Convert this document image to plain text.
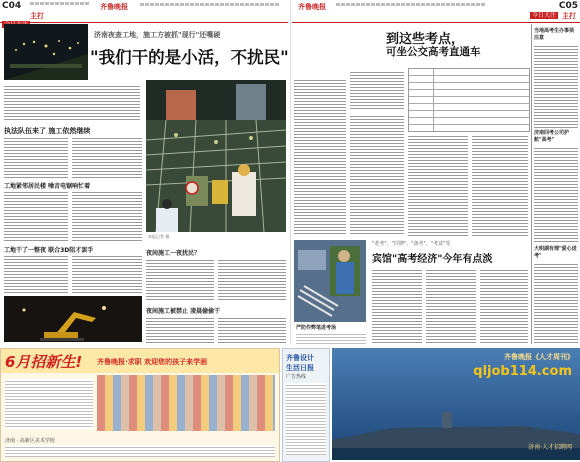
C04
主打
齐鲁晚报	齐鲁晚报	C05
今日关注 主打
济南夜查工地，施工方被抓"现行"还嘴硬
"我们干的是小活，不扰民"
执法队伍来了 施工依然继续
工地紧邻居民楼 噪音电锯响忙着
工地干了一整夜 联合3D阻才罢手
本报记者 摄
夜间施工一夜扰民？
夜间施工被禁止 凌晨偷偷干
到这些考点，
可坐公交高考直通车
当地高考生办事须注意
济南回考公司护航"高考"
大明湖有理"爱心送考"
严防作弊笔进考场
"老考"、"挂牌"、"备考"、"考试"等
宾馆"高考经济"今年有点淡
6月招新生! 齐鲁晚报·求职 欢迎您的孩子来学画
济南 · 高新区美术学校
齐鲁设计
生活日报
广告热线
齐鲁晚报《人才周刊》
qljob114.com
济南·人才招聘网
